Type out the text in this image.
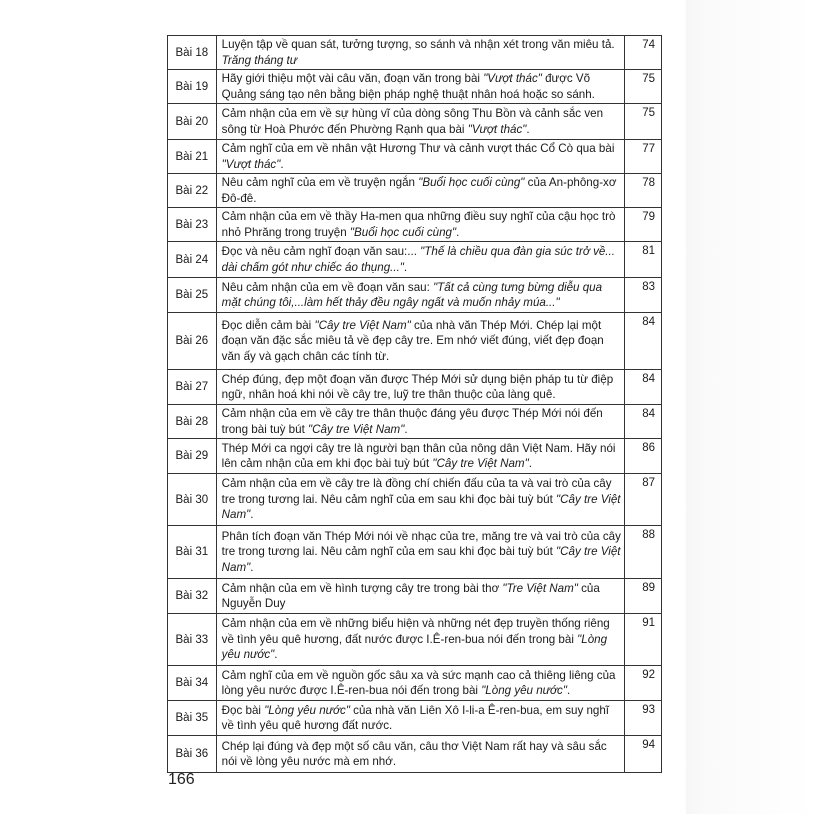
Bài 18	Luyện tập về quan sát, tưởng tượng, so sánh và nhận xét trong văn miêu tả. Trăng tháng tư	74
Bài 19	Hãy giới thiệu một vài câu văn, đoạn văn trong bài "Vượt thác" được Võ Quảng sáng tạo nên bằng biện pháp nghệ thuật nhân hoá hoặc so sánh.	75
Bài 20	Cảm nhận của em về sự hùng vĩ của dòng sông Thu Bồn và cảnh sắc ven sông từ Hoà Phước đến Phường Rạnh qua bài "Vượt thác".	75
Bài 21	Cảm nghĩ của em về nhân vật Hương Thư và cảnh vượt thác Cổ Cò qua bài "Vượt thác".	77
Bài 22	Nêu cảm nghĩ của em về truyện ngắn "Buổi học cuối cùng" của An-phông-xơ Đô-đê.	78
Bài 23	Cảm nhận của em về thầy Ha-men qua những điều suy nghĩ của cậu học trò nhỏ Phrăng trong truyện "Buổi học cuối cùng".	79
Bài 24	Đọc và nêu cảm nghĩ đoạn văn sau:... "Thế là chiều qua đàn gia súc trở về... dài chấm gót như chiếc áo thụng...".	81
Bài 25	Nêu cảm nhận của em về đoạn văn sau: "Tất cả cùng tưng bừng diễu qua mặt chúng tôi,...làm hết thảy đều ngây ngất và muốn nhảy múa..."	83
Bài 26	Đọc diễn cảm bài "Cây tre Việt Nam" của nhà văn Thép Mới. Chép lại một đoạn văn đặc sắc miêu tả về đẹp cây tre. Em nhớ viết đúng, viết đẹp đoạn văn ấy và gạch chân các tính từ.	84
Bài 27	Chép đúng, đẹp một đoạn văn được Thép Mới sử dụng biện pháp tu từ điệp ngữ, nhân hoá khi nói về cây tre, luỹ tre thân thuộc của làng quê.	84
Bài 28	Cảm nhận của em về cây tre thân thuộc đáng yêu được Thép Mới nói đến trong bài tuỳ bút "Cây tre Việt Nam".	84
Bài 29	Thép Mới ca ngợi cây tre là người bạn thân của nông dân Việt Nam. Hãy nói lên cảm nhận của em khi đọc bài tuỳ bút "Cây tre Việt Nam".	86
Bài 30	Cảm nhận của em về cây tre là đồng chí chiến đấu của ta và vai trò của cây tre trong tương lai. Nêu cảm nghĩ của em sau khi đọc bài tuỳ bút "Cây tre Việt Nam".	87
Bài 31	Phân tích đoạn văn Thép Mới nói về nhạc của tre, măng tre và vai trò của cây tre trong tương lai. Nêu cảm nghĩ của em sau khi đọc bài tuỳ bút "Cây tre Việt Nam".	88
Bài 32	Cảm nhận của em về hình tượng cây tre trong bài thơ "Tre Việt Nam" của Nguyễn Duy	89
Bài 33	Cảm nhận của em về những biểu hiện và những nét đẹp truyền thống riêng về tình yêu quê hương, đất nước được I.Ê-ren-bua nói đến trong bài "Lòng yêu nước".	91
Bài 34	Cảm nghĩ của em về nguồn gốc sâu xa và sức mạnh cao cả thiêng liêng của lòng yêu nước được I.Ê-ren-bua nói đến trong bài "Lòng yêu nước".	92
Bài 35	Đọc bài "Lòng yêu nước" của nhà văn Liên Xô I-li-a Ê-ren-bua, em suy nghĩ về tình yêu quê hương đất nước.	93
Bài 36	Chép lại đúng và đẹp một số câu văn, câu thơ Việt Nam rất hay và sâu sắc nói về lòng yêu nước mà em nhớ.	94
166
